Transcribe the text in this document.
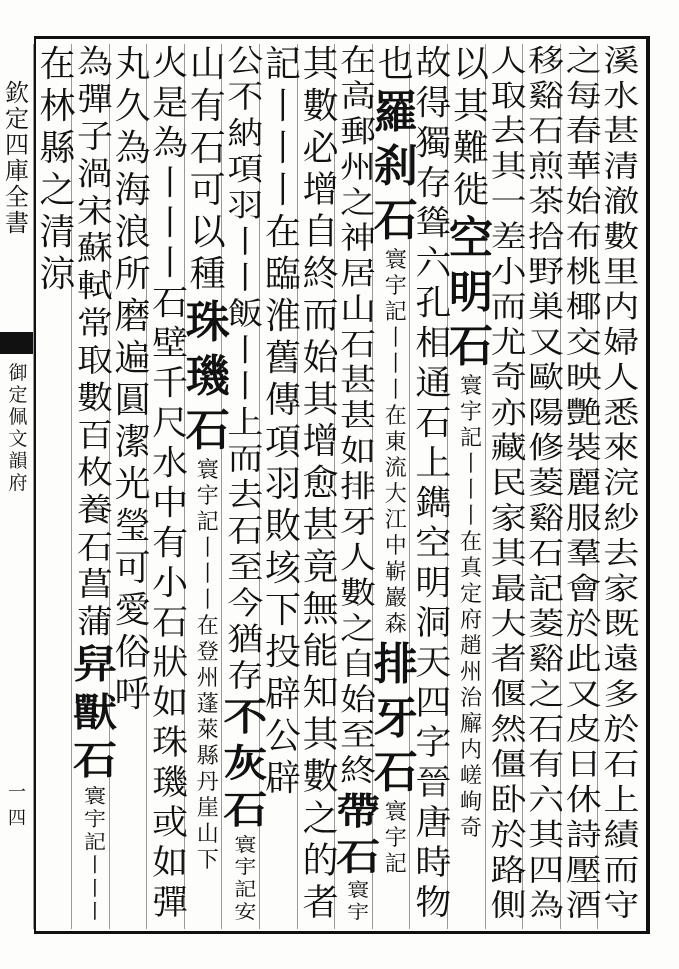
欽定四庫全書
御定佩文韻府
一四
溪
水
甚
清
澈
數
里
内
婦
人
悉
來
浣
紗
去
家
既
遠
多
於
石
上
績
而
守
之
每
春
華
始
布
桃
椰
交
映
艷
裝
麗
服
羣
會
於
此
又
皮
日
休
詩
壓
酒
移
谿
石
煎
茶
拾
野
巣
又
歐
陽
修
菱
谿
石
記
菱
谿
之
石
有
六
其
四
為
人
取
去
其
一
差
小
而
尤
奇
亦
藏
民
家
其
最
大
者
偃
然
僵
卧
於
路
側
以
其
難
徙
空
明
石
寰
宇
記
丨
丨
丨
在
真
定
府
趙
州
治
廨
内
嵯
峋
奇
故
得
獨
存
聳
六
孔
相
通
石
上
鐫
空
明
洞
天
四
字
晉
唐
時
物
也
羅
刹
石
寰
宇
記
丨
丨
丨
在
東
流
大
江
中
嶄
巖
森
排
牙
石
寰
宇
記
在
高
郵
州
之
神
居
山
石
甚
甚
如
排
牙
人
數
之
自
始
至
終
帶
石
寰
宇
其
數
必
增
自
終
而
始
其
增
愈
甚
竟
無
能
知
其
數
之
的
者
記
丨
丨
丨
在
臨
淮
舊
傳
項
羽
敗
垓
下
投
辟
公
辟
公
不
納
項
羽
丨
丨
飯
丨
丨
上
而
去
石
至
今
猶
存
不
灰
石
寰
宇
記
安
山
有
石
可
以
種
珠
璣
石
寰
宇
記
丨
丨
丨
在
登
州
蓬
萊
縣
丹
崖
山
下
火
是
為
丨
丨
丨
石
壁
千
尺
水
中
有
小
石
狀
如
珠
璣
或
如
彈
丸
久
為
海
浪
所
磨
遍
圓
潔
光
瑩
可
愛
俗
呼
為
彈
子
渦
宋
蘇
軾
常
取
數
百
枚
養
石
菖
蒲
舁
獸
石
寰
宇
記
丨
丨
丨
在
林
縣
之
清
涼
